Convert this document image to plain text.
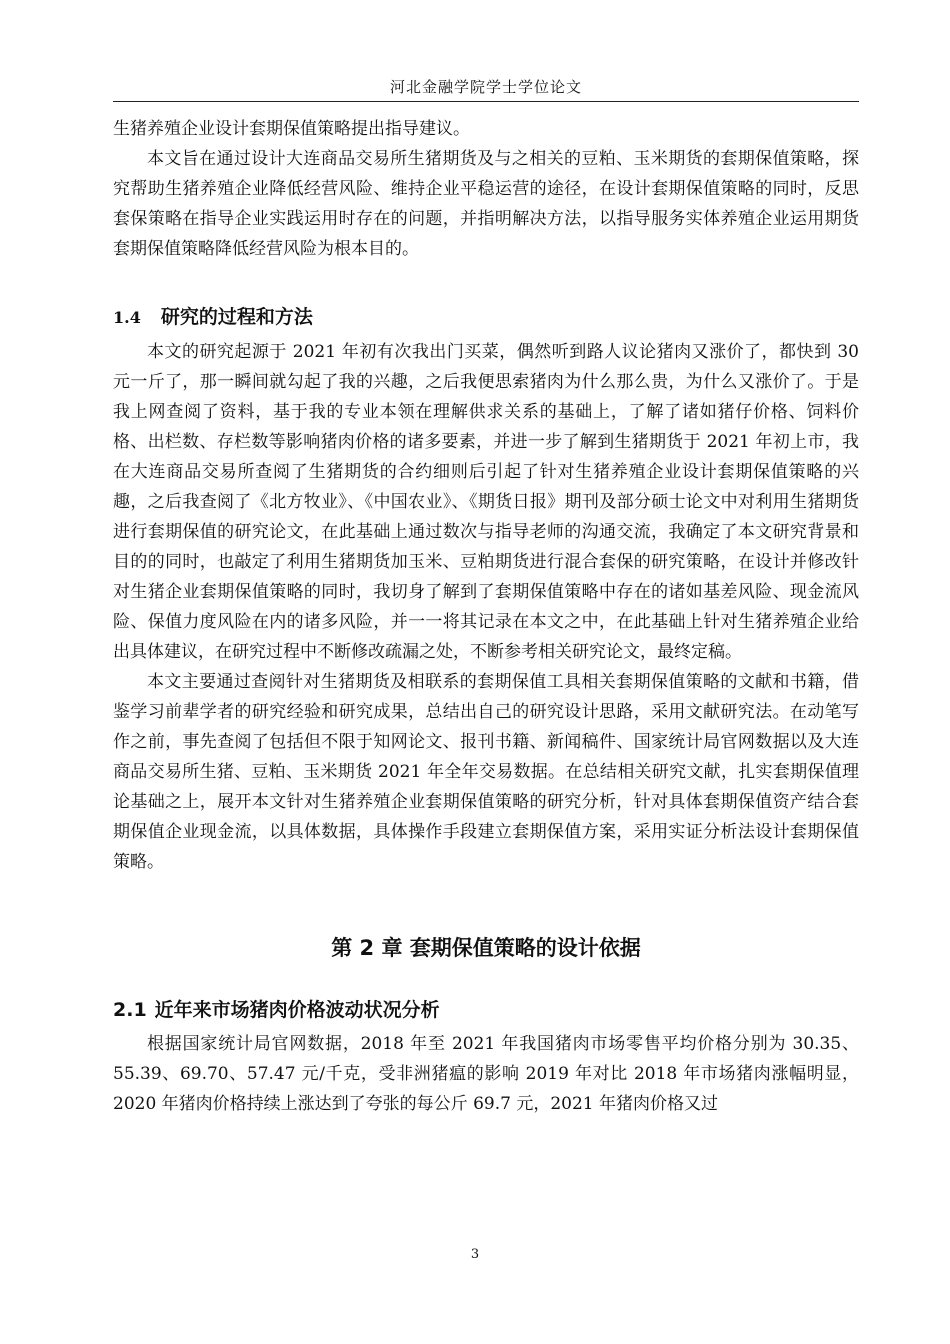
河北金融学院学士学位论文

生猪养殖企业设计套期保值策略提出指导建议。

本文旨在通过设计大连商品交易所生猪期货及与之相关的豆粕、玉米期货的套期保值策略，探究帮助生猪养殖企业降低经营风险、维持企业平稳运营的途径，在设计套期保值策略的同时，反思套保策略在指导企业实践运用时存在的问题，并指明解决方法，以指导服务实体养殖企业运用期货套期保值策略降低经营风险为根本目的。

1.4 研究的过程和方法

本文的研究起源于 2021 年初有次我出门买菜，偶然听到路人议论猪肉又涨价了，都快到 30 元一斤了，那一瞬间就勾起了我的兴趣，之后我便思索猪肉为什么那么贵，为什么又涨价了。于是我上网查阅了资料，基于我的专业本领在理解供求关系的基础上，了解了诸如猪仔价格、饲料价格、出栏数、存栏数等影响猪肉价格的诸多要素，并进一步了解到生猪期货于 2021 年初上市，我在大连商品交易所查阅了生猪期货的合约细则后引起了针对生猪养殖企业设计套期保值策略的兴趣，之后我查阅了《北方牧业》、《中国农业》、《期货日报》期刊及部分硕士论文中对利用生猪期货进行套期保值的研究论文，在此基础上通过数次与指导老师的沟通交流，我确定了本文研究背景和目的的同时，也敲定了利用生猪期货加玉米、豆粕期货进行混合套保的研究策略，在设计并修改针对生猪企业套期保值策略的同时，我切身了解到了套期保值策略中存在的诸如基差风险、现金流风险、保值力度风险在内的诸多风险，并一一将其记录在本文之中，在此基础上针对生猪养殖企业给出具体建议，在研究过程中不断修改疏漏之处，不断参考相关研究论文，最终定稿。

本文主要通过查阅针对生猪期货及相联系的套期保值工具相关套期保值策略的文献和书籍，借鉴学习前辈学者的研究经验和研究成果，总结出自己的研究设计思路，采用文献研究法。在动笔写作之前，事先查阅了包括但不限于知网论文、报刊书籍、新闻稿件、国家统计局官网数据以及大连商品交易所生猪、豆粕、玉米期货 2021 年全年交易数据。在总结相关研究文献，扎实套期保值理论基础之上，展开本文针对生猪养殖企业套期保值策略的研究分析，针对具体套期保值资产结合套期保值企业现金流，以具体数据，具体操作手段建立套期保值方案，采用实证分析法设计套期保值策略。

第 2 章 套期保值策略的设计依据
2.1 近年来市场猪肉价格波动状况分析

根据国家统计局官网数据，2018 年至 2021 年我国猪肉市场零售平均价格分别为 30.35、55.39、69.70、57.47 元/千克，受非洲猪瘟的影响 2019 年对比 2018 年市场猪肉涨幅明显，2020 年猪肉价格持续上涨达到了夸张的每公斤 69.7 元，2021 年猪肉价格又过

3
